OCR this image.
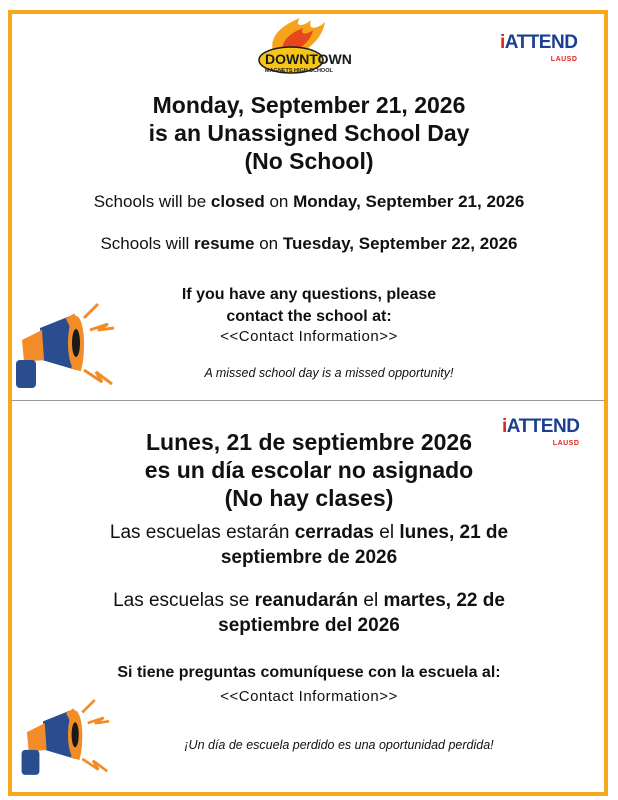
DOWNTOWN
MAGNETS HIGH SCHOOL
iATTEND
LAUSD
Monday, September 21, 2026
is an Unassigned School Day
(No School)
Schools will be closed on Monday, September 21, 2026
Schools will resume on Tuesday, September 22, 2026
If you have any questions, please
contact the school at:
<<Contact Information>>
A missed school day is a missed opportunity!
iATTEND
LAUSD
Lunes, 21 de septiembre 2026
es un día escolar no asignado
(No hay clases)
Las escuelas estarán cerradas el lunes, 21 de
septiembre de 2026
Las escuelas se reanudarán el martes, 22 de
septiembre del 2026
Si tiene preguntas comuníquese con la escuela al:
<<Contact Information>>
¡Un día de escuela perdido es una oportunidad perdida!
